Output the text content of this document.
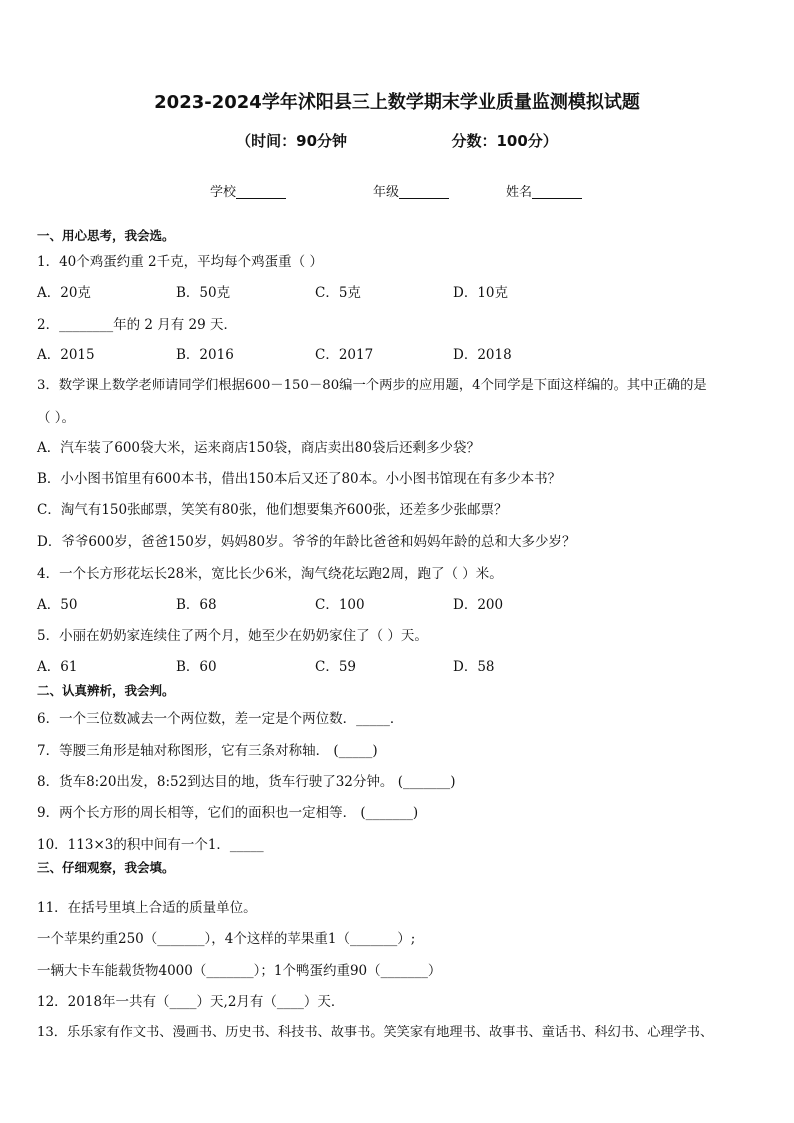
2023-2024学年沭阳县三上数学期末学业质量监测模拟试题
（时间：90分钟                    分数：100分）
学校	年级	姓名
一、用心思考，我会选。
1．40个鸡蛋约重 2千克，平均每个鸡蛋重（ ）
A．20克	B．50克	C．5克	D．10克
2．________年的 2 月有 29 天．
A．2015	B．2016	C．2017	D．2018
3．数学课上数学老师请同学们根据600－150－80编一个两步的应用题，4个同学是下面这样编的。其中正确的是
（ ）。
A．汽车装了600袋大米，运来商店150袋，商店卖出80袋后还剩多少袋？
B．小小图书馆里有600本书，借出150本后又还了80本。小小图书馆现在有多少本书？
C．淘气有150张邮票，笑笑有80张，他们想要集齐600张，还差多少张邮票？
D．爷爷600岁，爸爸150岁，妈妈80岁。爷爷的年龄比爸爸和妈妈年龄的总和大多少岁？
4．一个长方形花坛长28米，宽比长少6米，淘气绕花坛跑2周，跑了（ ）米。
A．50	B．68	C．100	D．200
5．小丽在奶奶家连续住了两个月，她至少在奶奶家住了（ ）天。
A．61	B．60	C．59	D．58
二、认真辨析，我会判。
6．一个三位数减去一个两位数，差一定是个两位数．_____．
7．等腰三角形是轴对称图形，它有三条对称轴． (_____)
8．货车8:20出发，8:52到达目的地，货车行驶了32分钟。 (_______)
9．两个长方形的周长相等，它们的面积也一定相等． (_______)
10．113×3的积中间有一个1．_____
三、仔细观察，我会填。
11．在括号里填上合适的质量单位。
一个苹果约重250（_______），4个这样的苹果重1（_______）;
一辆大卡车能载货物4000（_______）；1个鸭蛋约重90（_______）
12．2018年一共有（____）天,2月有（____）天．
13．乐乐家有作文书、漫画书、历史书、科技书、故事书。笑笑家有地理书、故事书、童话书、科幻书、心理学书、
